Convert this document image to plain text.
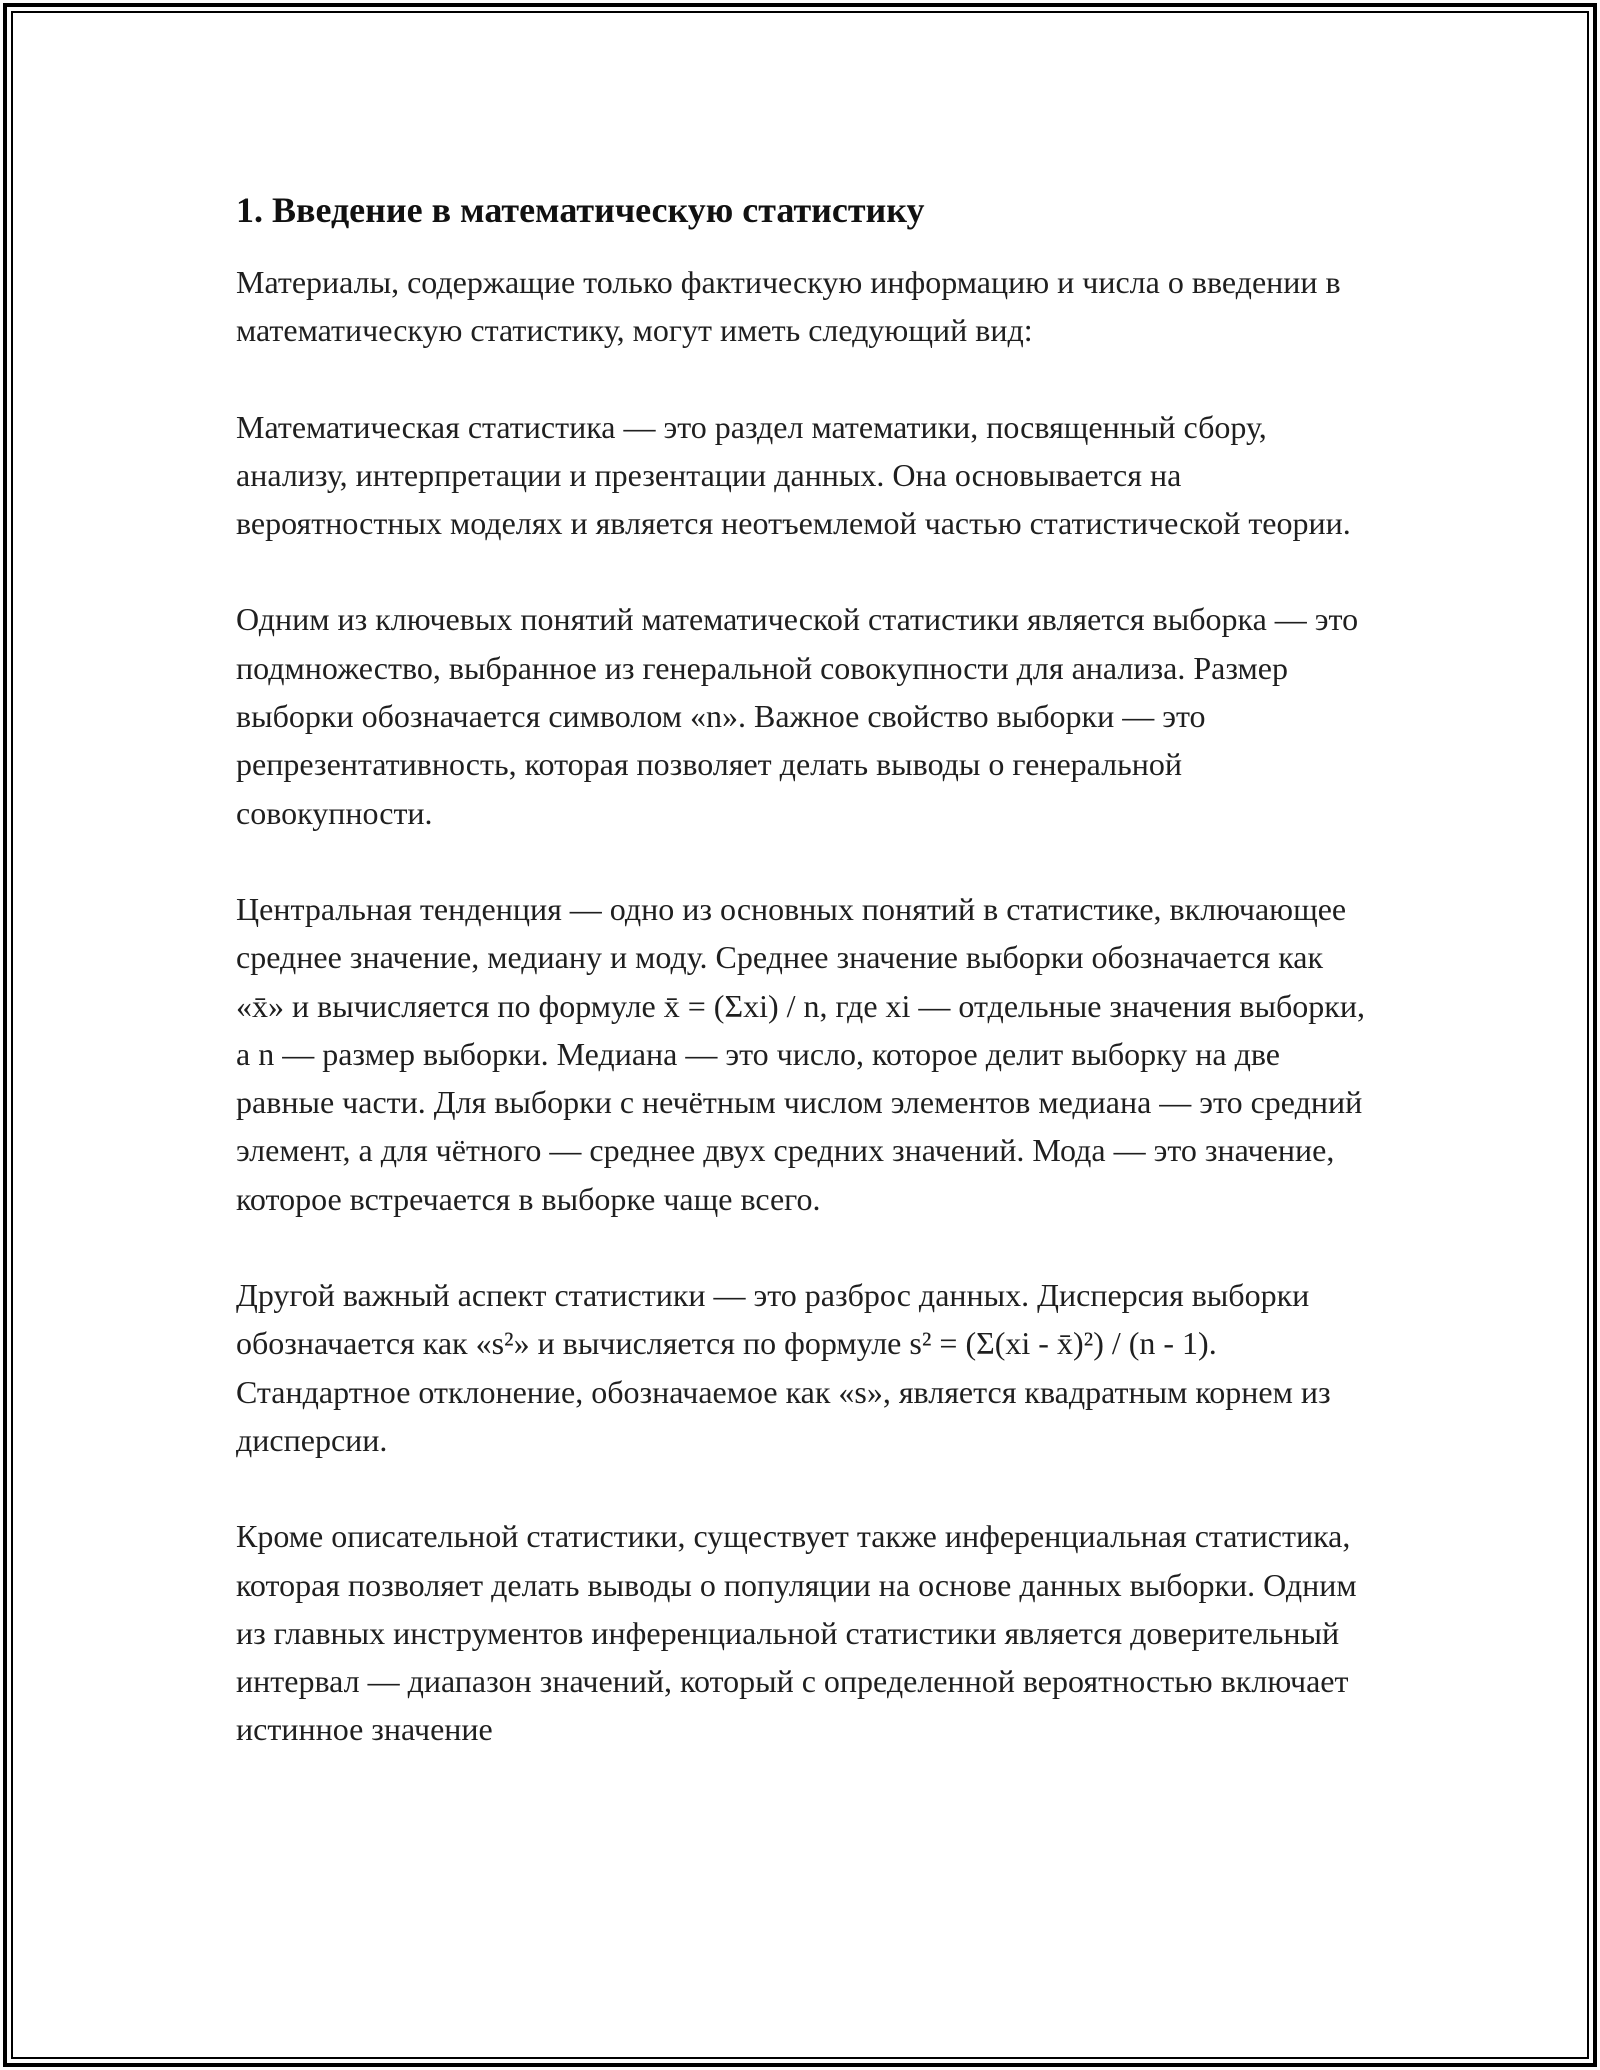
1. Введение в математическую статистику

Материалы, содержащие только фактическую информацию и числа о введении в математическую статистику, могут иметь следующий вид:

Математическая статистика — это раздел математики, посвященный сбору, анализу, интерпретации и презентации данных. Она основывается на вероятностных моделях и является неотъемлемой частью статистической теории.

Одним из ключевых понятий математической статистики является выборка — это подмножество, выбранное из генеральной совокупности для анализа. Размер выборки обозначается символом «n». Важное свойство выборки — это репрезентативность, которая позволяет делать выводы о генеральной совокупности.

Центральная тенденция — одно из основных понятий в статистике, включающее среднее значение, медиану и моду. Среднее значение выборки обозначается как «x̄» и вычисляется по формуле x̄ = (Σxi) / n, где xi — отдельные значения выборки, а n — размер выборки. Медиана — это число, которое делит выборку на две равные части. Для выборки с нечётным числом элементов медиана — это средний элемент, а для чётного — среднее двух средних значений. Мода — это значение, которое встречается в выборке чаще всего.

Другой важный аспект статистики — это разброс данных. Дисперсия выборки обозначается как «s²» и вычисляется по формуле s² = (Σ(xi - x̄)²) / (n - 1). Стандартное отклонение, обозначаемое как «s», является квадратным корнем из дисперсии.

Кроме описательной статистики, существует также инференциальная статистика, которая позволяет делать выводы о популяции на основе данных выборки. Одним из главных инструментов инференциальной статистики является доверительный интервал — диапазон значений, который с определенной вероятностью включает истинное значение
